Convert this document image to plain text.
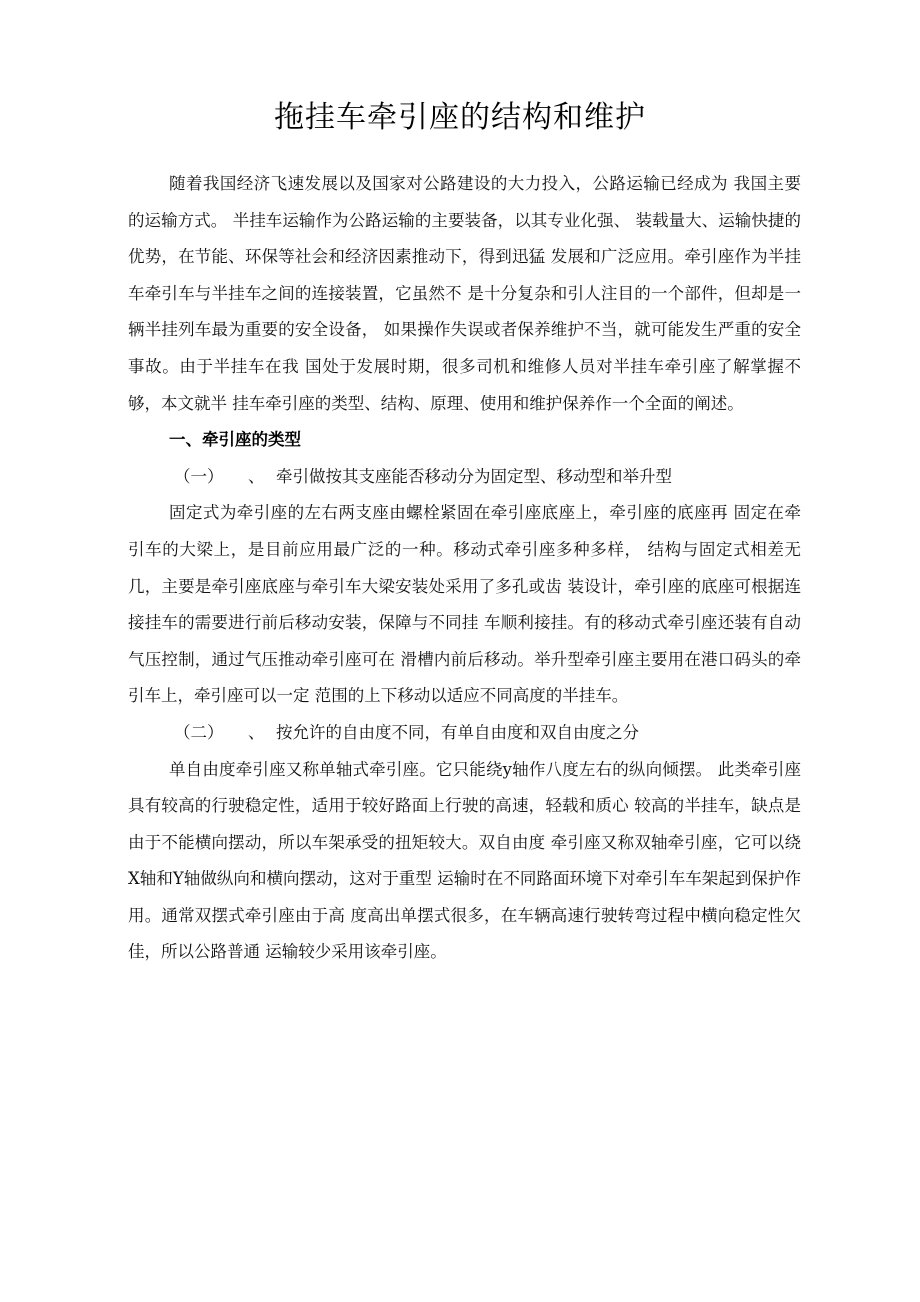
拖挂车牵引座的结构和维护

随着我国经济飞速发展以及国家对公路建设的大力投入，公路运输已经成为 我国主要的运输方式。 半挂车运输作为公路运输的主要装备，以其专业化强、 装载量大、运输快捷的优势，在节能、环保等社会和经济因素推动下，得到迅猛 发展和广泛应用。牵引座作为半挂车牵引车与半挂车之间的连接装置，它虽然不 是十分复杂和引人注目的一个部件，但却是一辆半挂列车最为重要的安全设备， 如果操作失误或者保养维护不当，就可能发生严重的安全事故。由于半挂车在我 国处于发展时期，很多司机和维修人员对半挂车牵引座了解掌握不够，本文就半 挂车牵引座的类型、结构、原理、使用和维护保养作一个全面的阐述。

一、牵引座的类型

（一） 、 牵引做按其支座能否移动分为固定型、移动型和举升型

固定式为牵引座的左右两支座由螺栓紧固在牵引座底座上，牵引座的底座再 固定在牵引车的大梁上，是目前应用最广泛的一种。移动式牵引座多种多样， 结构与固定式相差无几，主要是牵引座底座与牵引车大梁安装处采用了多孔或齿 装设计，牵引座的底座可根据连接挂车的需要进行前后移动安装，保障与不同挂 车顺利接挂。有的移动式牵引座还装有自动气压控制，通过气压推动牵引座可在 滑槽内前后移动。举升型牵引座主要用在港口码头的牵引车上，牵引座可以一定 范围的上下移动以适应不同高度的半挂车。

（二） 、 按允许的自由度不同，有单自由度和双自由度之分

单自由度牵引座又称单轴式牵引座。它只能绕y轴作八度左右的纵向倾摆。 此类牵引座具有较高的行驶稳定性，适用于较好路面上行驶的高速，轻载和质心 较高的半挂车，缺点是由于不能横向摆动，所以车架承受的扭矩较大。双自由度 牵引座又称双轴牵引座，它可以绕X轴和Y轴做纵向和横向摆动，这对于重型 运输时在不同路面环境下对牵引车车架起到保护作用。通常双摆式牵引座由于高 度高出单摆式很多，在车辆高速行驶转弯过程中横向稳定性欠佳，所以公路普通 运输较少采用该牵引座。
